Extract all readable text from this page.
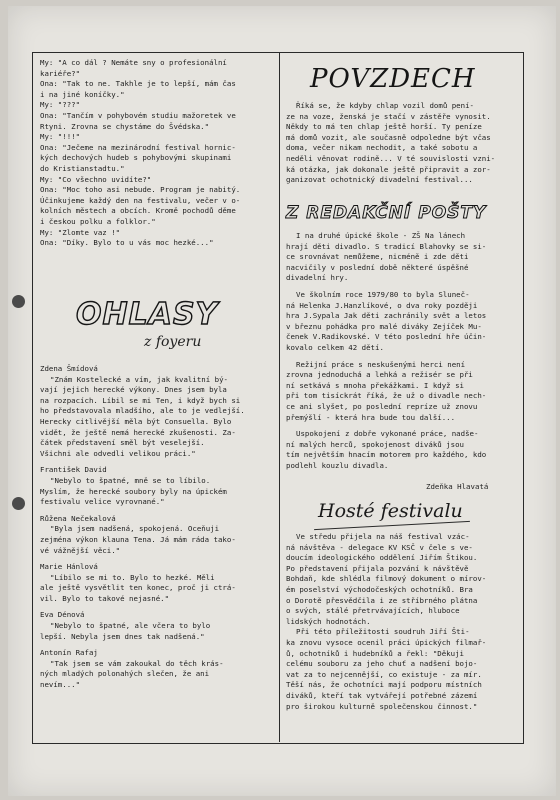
My: "A co dál ? Nemáte sny o profesionální
kariéře?"
Ona: "Tak to ne. Takhle je to lepší, mám čas
i na jiné koníčky."
My: "???"
Ona: "Tančím v pohybovém studiu mažoretek ve
Rtyni. Zrovna se chystáme do Švédska."
My: "!!!"
Ona: "Ječeme na mezinárodní festival hornic-
kých dechových hudeb s pohybovými skupinami
do Kristianstadtu."
My: "Co všechno uvidíte?"
Ona: "Moc toho asi nebude. Program je nabitý.
Účinkujeme každý den na festivalu, večer v o-
kolních městech a obcích. Kromě pochodů děme
i českou polku a folklor."
My: "Zlomte vaz !"
Ona: "Díky. Bylo to u vás moc hezké..."
OHLASY
z foyeru
Zdena Šmídová
"Znám Kostelecké a vím, jak kvalitní bý-
vají jejich herecké výkony. Dnes jsem byla
na rozpacích. Líbil se mi Ten, i když bych si
ho představovala mladšího, ale to je vedlejší.
Herecky citlivější měla být Consuella. Bylo
vidět, že ještě nemá herecké zkušenosti. Za-
čátek představení směl být veselejší.
Všichni ale odvedli velikou práci."
František David
"Nebylo to špatné, mně se to líbilo.
Myslím, že herecké soubory byly na úpickém
festivalu velice vyrovnané."
Růžena Nečekalová
"Byla jsem nadšená, spokojená. Oceňuji
zejména výkon klauna Tena. Já mám ráda tako-
vé vážnější věci."
Marie Hánlová
"Líbilo se mi to. Bylo to hezké. Měli
ale ještě vysvětlit ten konec, proč ji ctrá-
vil. Bylo to takové nejasné."
Eva Dénová
"Nebylo to špatné, ale včera to bylo
lepší. Nebyla jsem dnes tak nadšená."
Antonín Rafaj
"Tak jsem se vám zakoukal do těch krás-
ných mladých polonahých slečen, že ani
nevím..."
POVZDECH
Říká se, že kdyby chlap vozil domů pení-
ze na voze, ženská je stačí v zástěře vynosit.
Někdy to má ten chlap ještě horší. Ty peníze
má domů vozit, ale současně odpoledne být včas
doma, večer nikam nechodit, a také sobotu a
neděli věnovat rodině... V té souvislosti vzni-
ká otázka, jak dokonale ještě připravit a zor-
ganizovat ochotnický divadelní festival...
Z REDAKČNÍ POŠTY
I na druhé úpické škole - ZŠ Na lánech
hrají děti divadlo. S tradicí Blahovky se si-
ce srovnávat nemůžeme, nicméně i zde děti
nacvičily v poslední době některé úspěšné
divadelní hry.
Ve školním roce 1979/80 to byla Sluneč-
ná Helenka J.Hanzlíkové, o dva roky později
hra J.Sypala Jak děti zachránily svět a letos
v březnu pohádka pro malé diváky Zejíček Mu-
čenek V.Radikovské. V této poslední hře účin-
kovalo celkem 42 dětí.
Režijní práce s neskušenými herci není
zrovna jednoduchá a lehká a režisér se při
ní setkává s mnoha překážkami. I když si
při tom tisíckrát říká, že už o divadle nech-
ce ani slyšet, po poslední repríze už znovu
přemýšlí - která hra bude tou další...
Uspokojení z dobře vykonané práce, nadše-
ní malých herců, spokojenost diváků jsou
tím největším hnacím motorem pro každého, kdo
podlehl kouzlu divadla.
Zdeňka Hlavatá
Hosté festivalu
Ve středu přijela na náš festival vzác-
ná návštěva - delegace KV KSČ v čele s ve-
doucím ideologického oddělení Jiřím Štikou.
Po představení přijala pozvání k návštěvě
Bohdaň, kde shlédla filmový dokument o mírov-
ém poselství východočeských ochotníků. Bra
o Dorotě přesvědčila i ze stříbrného plátna
o svých, stálé přetrvávajících, hluboce
lidských hodnotách.
Při této příležitosti soudruh Jiří Šti-
ka znovu vysoce ocenil práci úpických filmař-
ů, ochotníků i hudebníků a řekl: "Děkuji
celému souboru za jeho chuť a nadšení bojo-
vat za to nejcennější, co existuje - za mír.
Těší nás, že ochotníci mají podporu místních
diváků, kteří tak vytvářejí potřebné zázemí
pro širokou kulturně společenskou činnost."
